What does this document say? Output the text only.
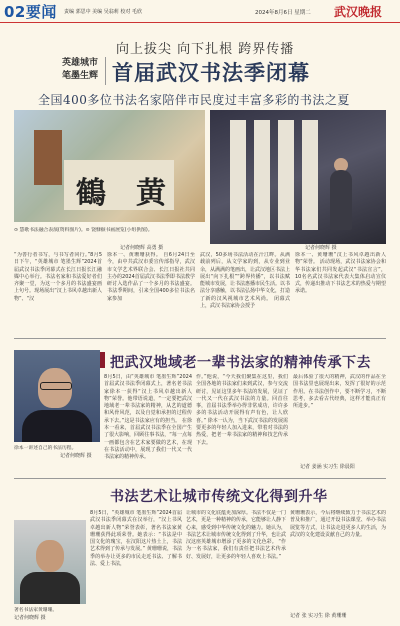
02要闻 责编 郭思中 美编 吴翁莉 校对 毛欣	2024年8月6日 星期二 武汉晚报
向上拔尖 向下扎根 跨界传播
英雄城市
笔墨生辉 首届武汉书法季闭幕
全国400多位书法名家陪伴市民度过丰富多彩的书法之夏
鶴 黄
⊙ 慧歌书法融合表演(资料图片)。⊙ 饶慷颐书画展览(小组供图)。
记者何晓辉 高勇 摄	记者何晓辉 摄
“为善行者书写，与书写者同行。”8月5日下午，“英雄城市 笔墨生辉”2024首届武汉书法季闭幕式在长江日报长江融媒中心举行。书法名家和书法爱好者们齐聚一堂，为这一个多月的书法盛宴画上句号。现场展出“汉上书风卓越出新人物”、“汉
徐本一、黄珊珊获得。 自6月24日至今，由中共武汉市委宣传部指导，武汉市文学艺术界联合会、长江日报社共同主办的2024首届武汉书法季即书法教学研讨入选作品了一个多月的书法盛宴。书法季期间，引来全国400多位书法名家参加
武汉，50多场书法活动在汗江畔。从满载前列后，从文学家的到，从专业到业余，从满满的笔画出，让武汉地区书法上展出“向下扎根”“跨界传播”，以书法赋能城市发展，让书法惠播市民生活。以书法分享感触，以书法弘扬中华文化，打造了新的汉风视城市艺术风尚。 闭幕式上，武汉书法家协会授予
徐本一、黄珊珊“汉上书风卓越出新人物”荣誉。 活动现场，武汉书法家协会和华书法家们共同发起武汉“书法宣言”，10名名武汉书法家代表大集体启动宣仪式，传递出推动下书法艺术的热爱与期望承诺。
把武汉地域老一辈书法家的精神传承下去
徐本一讲述自己的书法历程。
记者何晓辉 摄
8月5日，由“英雄城市 笔墨生辉”2024首届武汉书法季闭幕式上，著名老书法家徐本一获得“汉上书风卓越出新人物”荣誉。他带语说道，“一定要把武汉地域老一辈书法家的精神，从艺的道德和风骨风范，以及自觉和承担的过程传承下去。”这是书法家应有的担当。 在徐本一看来，首届武汉书法季在全国产生了很大影响，回顾往事书法，“每一点每一画都包含在艺术家要做的艺术，在现在书法活动中，展现了我们一代又一代书法家的精神传承。
作。”他说，“今天我们聚集在这里，我们全国各地的书法家们来到武汉，参与交流研讨，见证这里多年书法的发展，见证了一代又一代在武汉书法的力量。回首往事，首届书法季举办得非常成功，许许多多的书法活动开展得有声有色，让人欣喜。” 徐本一认为，当下武汉书法的发展需要更多的年轻人加入进来，带着对书法的热爱，把老一辈书法家的精神和技艺传承下去。
最后体验了很大的精神，武汉的作品在全国书法里也展现出来，发挥了很好的示范作用。在书法创作中，要不断学习，不断思考，多去看古代经典，这样才能真正有所进步。”
记者 姜涵 实习生 徐晨阳
书法艺术让城市传统文化得到升华
著名书法家黄珊珊。
记者何晓辉 摄
8月5日，“英雄城市 笔墨生辉”2024首届武汉书法季闭幕式在汉举行，“汉上书风卓越出新人物”荣誉表彰，著名书法家黄珊珊获得此项荣誉。她表示：“书法是中国文化的瑰宝，在汉阳这片热土上，书法艺术得到了传承与发展。” 黄珊珊说，书法季的举办让更多的市民走近书法、了解书法、爱上书法，
让城市的文化底蕴更加深厚。书法不仅是一门艺术，更是一种精神的传承，它能够让人静下心来，感受到中华传统文化的魅力。她认为，书法艺术让城市传统文化得到了升华，也让武汉这座英雄城市增添了更多的文化色彩。 “作为一名书法家，我们有责任把书法艺术传承好、发展好，让更多的年轻人喜欢上书法。”
黄珊珊表示，今后将继续致力于书法艺术的普及和推广，通过开设书法课堂、举办书法展览等方式，让书法走进更多人的生活，为武汉的文化建设贡献自己的力量。
记者 张 实习生 徐 黄珊珊
